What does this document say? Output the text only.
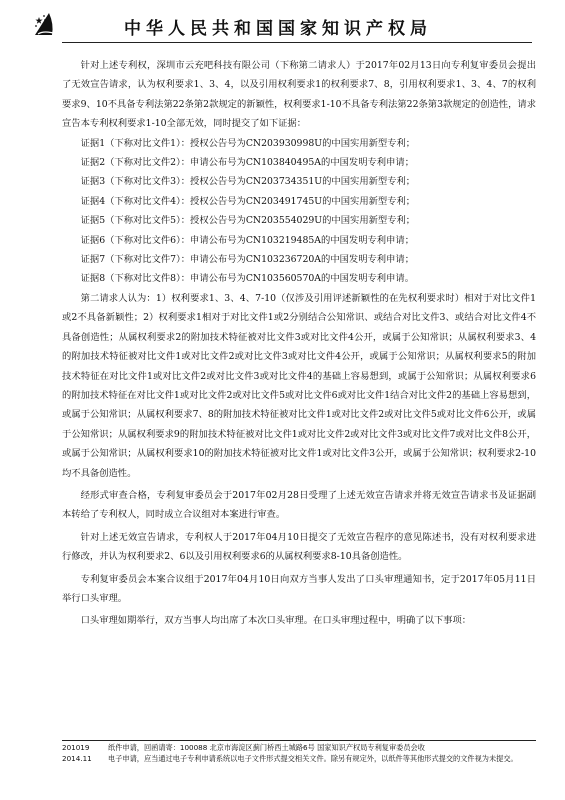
中华人民共和国国家知识产权局

针对上述专利权，深圳市云充吧科技有限公司（下称第二请求人）于2017年02月13日向专利复审委员会提出了无效宣告请求，认为权利要求1、3、4，以及引用权利要求1的权利要求7、8，引用权利要求1、3、4、7的权利要求9、10不具备专利法第22条第2款规定的新颖性，权利要求1-10不具备专利法第22条第3款规定的创造性，请求宣告本专利权利要求1-10全部无效，同时提交了如下证据：

证据1（下称对比文件1）：授权公告号为CN203930998U的中国实用新型专利；

证据2（下称对比文件2）：申请公布号为CN103840495A的中国发明专利申请；

证据3（下称对比文件3）：授权公告号为CN203734351U的中国实用新型专利；

证据4（下称对比文件4）：授权公告号为CN203491745U的中国实用新型专利；

证据5（下称对比文件5）：授权公告号为CN203554029U的中国实用新型专利；

证据6（下称对比文件6）：申请公布号为CN103219485A的中国发明专利申请；

证据7（下称对比文件7）：申请公布号为CN103236720A的中国发明专利申请；

证据8（下称对比文件8）：申请公布号为CN103560570A的中国发明专利申请。

第二请求人认为：1）权利要求1、3、4、7-10（仅涉及引用评述新颖性的在先权利要求时）相对于对比文件1或2不具备新颖性；2）权利要求1相对于对比文件1或2分别结合公知常识、或结合对比文件3、或结合对比文件4不具备创造性；从属权利要求2的附加技术特征被对比文件3或对比文件4公开，或属于公知常识；从属权利要求3、4的附加技术特征被对比文件1或对比文件2或对比文件3或对比文件4公开，或属于公知常识；从属权利要求5的附加技术特征在对比文件1或对比文件2或对比文件3或对比文件4的基础上容易想到，或属于公知常识；从属权利要求6的附加技术特征在对比文件1或对比文件2或对比文件5或对比文件6或对比文件1结合对比文件2的基础上容易想到，或属于公知常识；从属权利要求7、8的附加技术特征被对比文件1或对比文件2或对比文件5或对比文件6公开，或属于公知常识；从属权利要求9的附加技术特征被对比文件1或对比文件2或对比文件3或对比文件7或对比文件8公开，或属于公知常识；从属权利要求10的附加技术特征被对比文件1或对比文件3公开，或属于公知常识；权利要求2-10均不具备创造性。

经形式审查合格，专利复审委员会于2017年02月28日受理了上述无效宣告请求并将无效宣告请求书及证据副本转给了专利权人，同时成立合议组对本案进行审查。

针对上述无效宣告请求，专利权人于2017年04月10日提交了无效宣告程序的意见陈述书，没有对权利要求进行修改，并认为权利要求2、6以及引用权利要求6的从属权利要求8-10具备创造性。

专利复审委员会本案合议组于2017年04月10日向双方当事人发出了口头审理通知书，定于2017年05月11日举行口头审理。

口头审理如期举行，双方当事人均出席了本次口头审理。在口头审理过程中，明确了以下事项：

201019	纸件申请，回函请寄：100088 北京市海淀区蓟门桥西土城路6号 国家知识产权局专利复审委员会收
2014.11	电子申请，应当通过电子专利申请系统以电子文件形式提交相关文件。除另有规定外，以纸件等其他形式提交的文件视为未提交。
